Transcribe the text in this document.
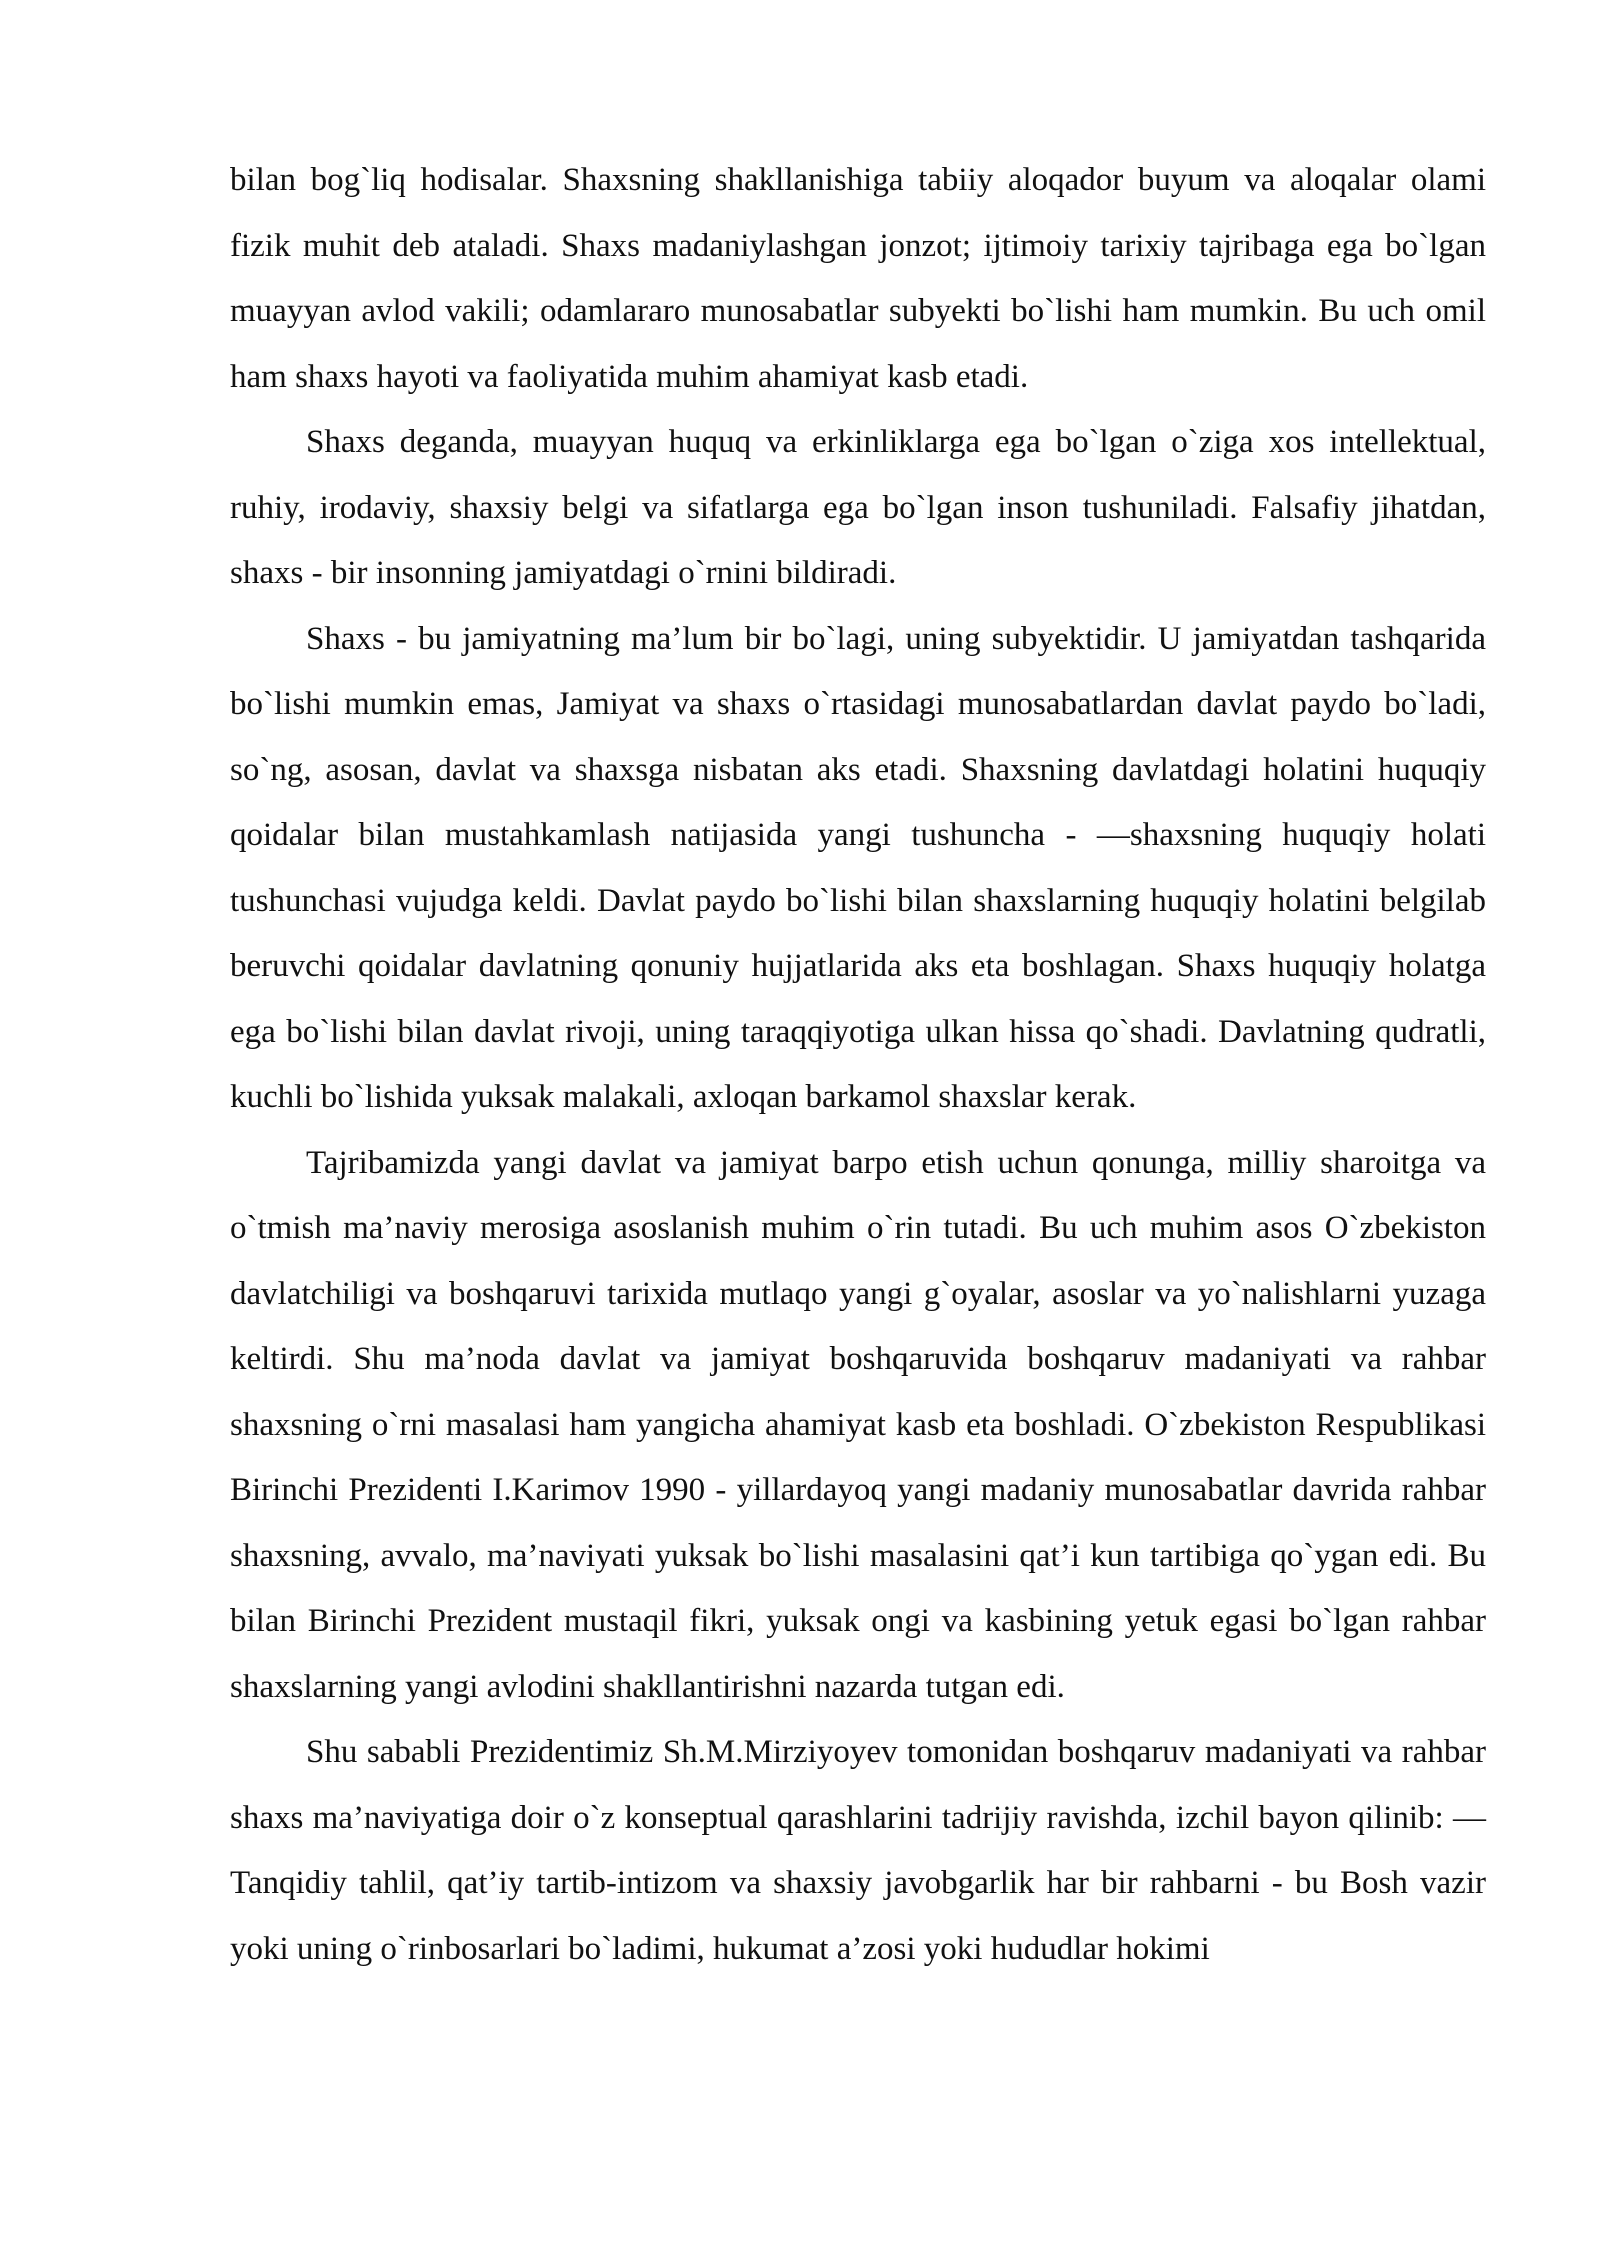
bilan bog`liq hodisalar. Shaxsning shakllanishiga tabiiy aloqador buyum va aloqalar olami fizik muhit deb ataladi. Shaxs madaniylashgan jonzot; ijtimoiy tarixiy tajribaga ega bo`lgan muayyan avlod vakili; odamlararo munosabatlar subyekti bo`lishi ham mumkin. Bu uch omil ham shaxs hayoti va faoliyatida muhim ahamiyat kasb etadi.

Shaxs deganda, muayyan huquq va erkinliklarga ega bo`lgan o`ziga xos intellektual, ruhiy, irodaviy, shaxsiy belgi va sifatlarga ega bo`lgan inson tushuniladi. Falsafiy jihatdan, shaxs - bir insonning jamiyatdagi o`rnini bildiradi.

Shaxs - bu jamiyatning ma’lum bir bo`lagi, uning subyektidir. U jamiyatdan tashqarida bo`lishi mumkin emas, Jamiyat va shaxs o`rtasidagi munosabatlardan davlat paydo bo`ladi, so`ng, asosan, davlat va shaxsga nisbatan aks etadi. Shaxsning davlatdagi holatini huquqiy qoidalar bilan mustahkamlash natijasida yangi tushuncha - ―shaxsning huquqiy holati tushunchasi vujudga keldi. Davlat paydo bo`lishi bilan shaxslarning huquqiy holatini belgilab beruvchi qoidalar davlatning qonuniy hujjatlarida aks eta boshlagan. Shaxs huquqiy holatga ega bo`lishi bilan davlat rivoji, uning taraqqiyotiga ulkan hissa qo`shadi. Davlatning qudratli, kuchli bo`lishida yuksak malakali, axloqan barkamol shaxslar kerak.

Tajribamizda yangi davlat va jamiyat barpo etish uchun qonunga, milliy sharoitga va o`tmish ma’naviy merosiga asoslanish muhim o`rin tutadi. Bu uch muhim asos O`zbekiston davlatchiligi va boshqaruvi tarixida mutlaqo yangi g`oyalar, asoslar va yo`nalishlarni yuzaga keltirdi. Shu ma’noda davlat va jamiyat boshqaruvida boshqaruv madaniyati va rahbar shaxsning o`rni masalasi ham yangicha ahamiyat kasb eta boshladi. O`zbekiston Respublikasi Birinchi Prezidenti I.Karimov 1990 - yillardayoq yangi madaniy munosabatlar davrida rahbar shaxsning, avvalo, ma’naviyati yuksak bo`lishi masalasini qat’i kun tartibiga qo`ygan edi. Bu bilan Birinchi Prezident mustaqil fikri, yuksak ongi va kasbining yetuk egasi bo`lgan rahbar shaxslarning yangi avlodini shakllantirishni nazarda tutgan edi.

Shu sababli Prezidentimiz Sh.M.Mirziyoyev tomonidan boshqaruv madaniyati va rahbar shaxs ma’naviyatiga doir o`z konseptual qarashlarini tadrijiy ravishda, izchil bayon qilinib: ― Tanqidiy tahlil, qat’iy tartib-intizom va shaxsiy javobgarlik har bir rahbarni - bu Bosh vazir yoki uning o`rinbosarlari bo`ladimi, hukumat a’zosi yoki hududlar hokimi
